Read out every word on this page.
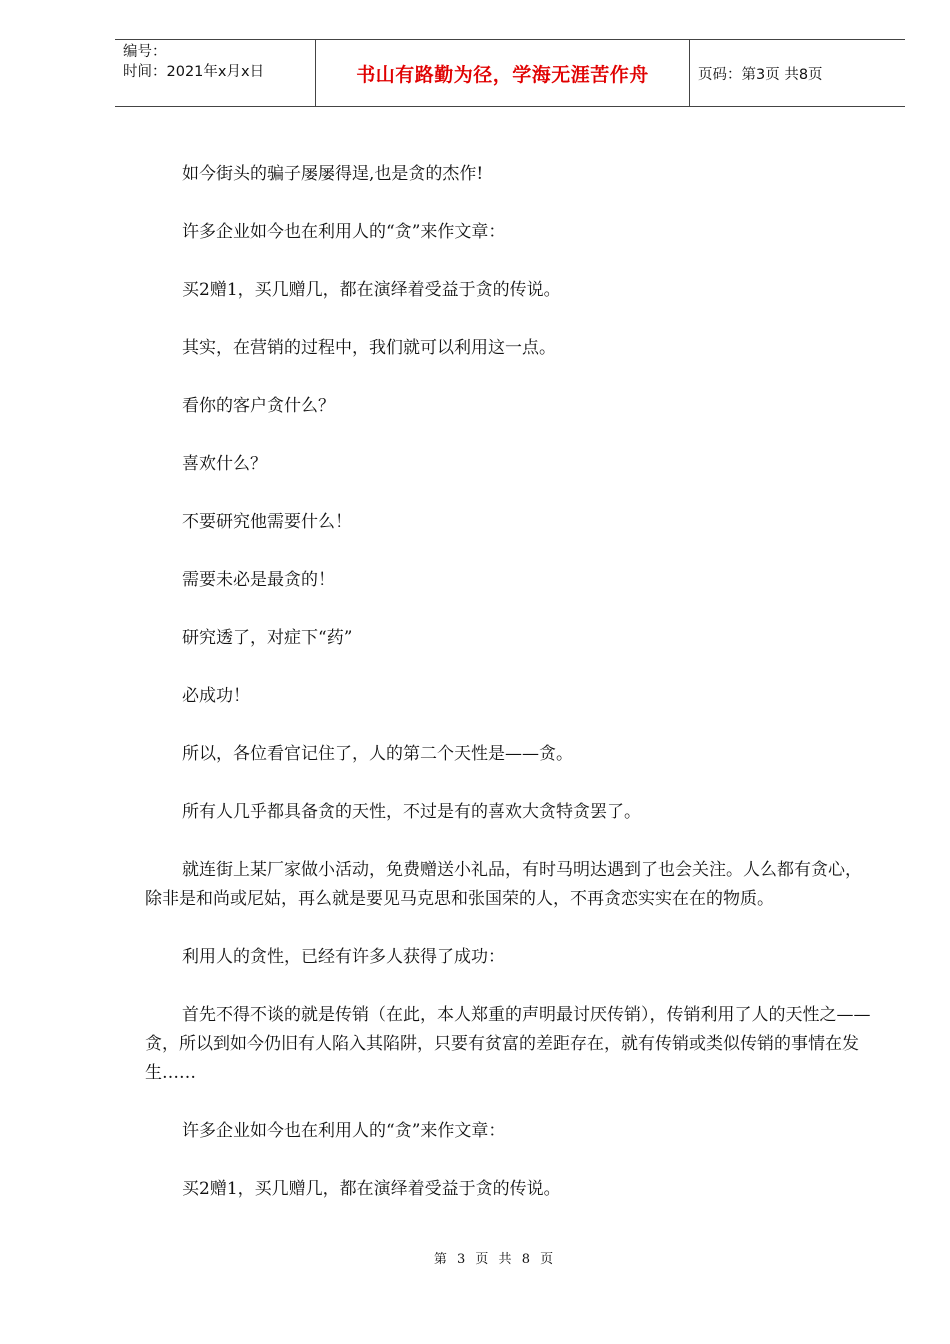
编号：
时间：2021年x月x日	书山有路勤为径，学海无涯苦作舟	页码：第3页 共8页

如今街头的骗子屡屡得逞,也是贪的杰作!

许多企业如今也在利用人的“贪”来作文章：

买2赠1，买几赠几，都在演绎着受益于贪的传说。

其实，在营销的过程中，我们就可以利用这一点。

看你的客户贪什么？

喜欢什么？

不要研究他需要什么！

需要未必是最贪的！

研究透了，对症下“药”

必成功！

所以，各位看官记住了，人的第二个天性是——贪。

所有人几乎都具备贪的天性，不过是有的喜欢大贪特贪罢了。

就连街上某厂家做小活动，免费赠送小礼品，有时马明达遇到了也会关注。人么都有贪心，除非是和尚或尼姑，再么就是要见马克思和张国荣的人，不再贪恋实实在在的物质。

利用人的贪性，已经有许多人获得了成功：

首先不得不谈的就是传销（在此，本人郑重的声明最讨厌传销），传销利用了人的天性之——贪，所以到如今仍旧有人陷入其陷阱，只要有贫富的差距存在，就有传销或类似传销的事情在发生……

许多企业如今也在利用人的“贪”来作文章：

买2赠1，买几赠几，都在演绎着受益于贪的传说。

第 3 页 共 8 页
